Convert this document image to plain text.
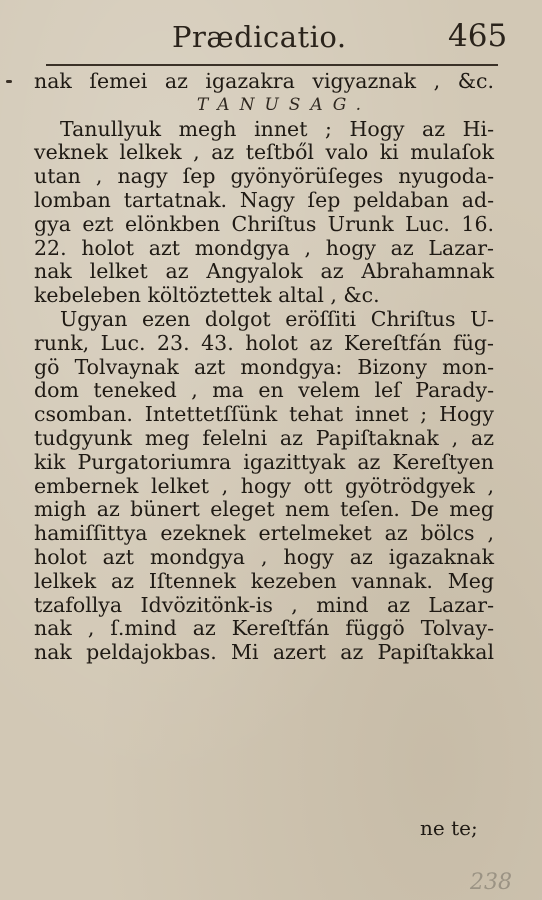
Prædicatio.	465
nak ſemei az igazakra vigyaznak , &c.
TANUSAG.
Tanullyuk megh innet ; Hogy az Hi-
veknek lelkek , az teſtből valo ki mulaſok
utan , nagy ſep gyönyörüſeges nyugoda-
lomban tartatnak. Nagy ſep peldaban ad-
gya ezt elönkben Chriſtus Urunk Luc. 16.
22. holot azt mondgya , hogy az Lazar-
nak lelket az Angyalok az Abrahamnak
kebeleben költöztettek altal , &c.
Ugyan ezen dolgot eröſſiti Chriſtus U-
runk, Luc. 23. 43. holot az Kereſtfán füg-
gö Tolvaynak azt mondgya: Bizony mon-
dom teneked , ma en velem leſ Parady-
csomban. Intettetſſünk tehat innet ; Hogy
tudgyunk meg felelni az Papiſtaknak , az
kik Purgatoriumra igazittyak az Kereſtyen
embernek lelket , hogy ott gyötrödgyek ,
migh az bünert eleget nem teſen. De meg
hamiſſittya ezeknek ertelmeket az bölcs ,
holot azt mondgya , hogy az igazaknak
lelkek az Iſtennek kezeben vannak. Meg
tzafollya Idvözitönk-is , mind az Lazar-
nak , ſ.mind az Kereſtfán függö Tolvay-
nak peldajokbas. Mi azert az Papiſtakkal
ne te;
238
